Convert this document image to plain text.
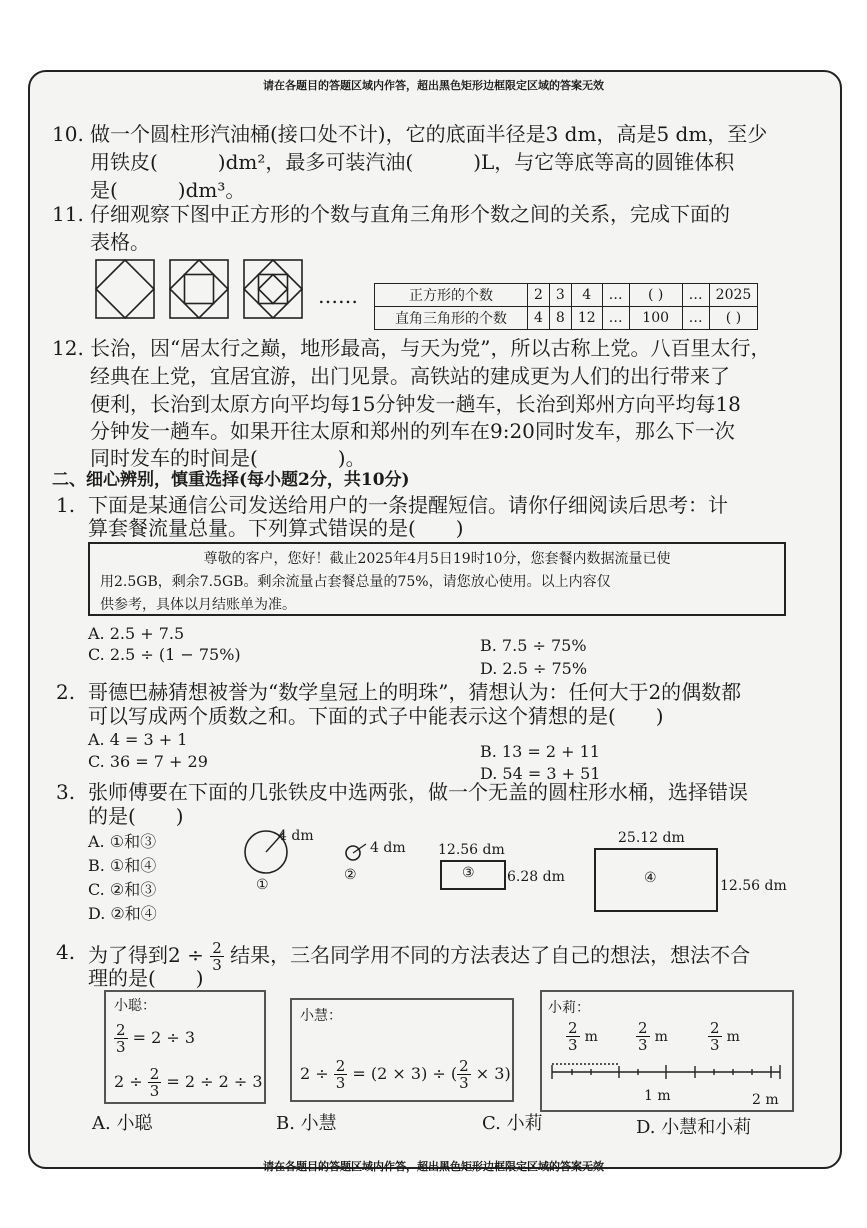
请在各题目的答题区域内作答，超出黑色矩形边框限定区域的答案无效
请在各题目的答题区域内作答，超出黑色矩形边框限定区域的答案无效
10. 做一个圆柱形汽油桶(接口处不计)，它的底面半径是3 dm，高是5 dm，至少
用铁皮(　　　)dm²，最多可装汽油(　　　)L，与它等底等高的圆锥体积
是(　　　)dm³。
11. 仔细观察下图中正方形的个数与直角三角形个数之间的关系，完成下面的
表格。
……	正方形的个数	2	3	4	…	( )	…	2025
直角三角形的个数	4	8	12	…	100	…	( )
12. 长治，因“居太行之巅，地形最高，与天为党”，所以古称上党。八百里太行，
经典在上党，宜居宜游，出门见景。高铁站的建成更为人们的出行带来了
便利，长治到太原方向平均每15分钟发一趟车，长治到郑州方向平均每18
分钟发一趟车。如果开往太原和郑州的列车在9:20同时发车，那么下一次
同时发车的时间是(　　　　)。
二、细心辨别，慎重选择(每小题2分，共10分)
1. 下面是某通信公司发送给用户的一条提醒短信。请你仔细阅读后思考：计
算套餐流量总量。下列算式错误的是(　　)
尊敬的客户，您好！截止2025年4月5日19时10分，您套餐内数据流量已使
用2.5GB，剩余7.5GB。剩余流量占套餐总量的75%，请您放心使用。以上内容仅
供参考，具体以月结账单为准。
A. 2.5 + 7.5
C. 2.5 ÷ (1 − 75%)	B. 7.5 ÷ 75%
D. 2.5 ÷ 75%
2. 哥德巴赫猜想被誉为“数学皇冠上的明珠”，猜想认为：任何大于2的偶数都
可以写成两个质数之和。下面的式子中能表示这个猜想的是(　　)
A. 4 = 3 + 1
C. 36 = 7 + 29
B. 13 = 2 + 11
D. 54 = 3 + 51
3. 张师傅要在下面的几张铁皮中选两张，做一个无盖的圆柱形水桶，选择错误
的是(　　)
A. ①和③
B. ①和④
C. ②和③
D. ②和④
4 dm
①
4 dm
②
12.56 dm
③ 6.28 dm
25.12 dm
④	12.56 dm
4. 为了得到$2 \div \frac{2}{3}$ 结果，三名同学用不同的方法表达了自己的想法，想法不合
理的是(　　)
小聪：
$\frac{2}{3} = 2 \div 3$
$2 \div \frac{2}{3} = 2 \div 2 \div 3$
小慧：
$2 \div \frac{2}{3} = (2 \times 3)$ ÷ ( $\frac{2}{3} \times 3$)
小莉：
$\frac{2}{3}$ m	$\frac{2}{3}$ m	$\frac{2}{3}$ m
1 m	2 m
A. 小聪	B. 小慧	C. 小莉	D. 小慧和小莉
